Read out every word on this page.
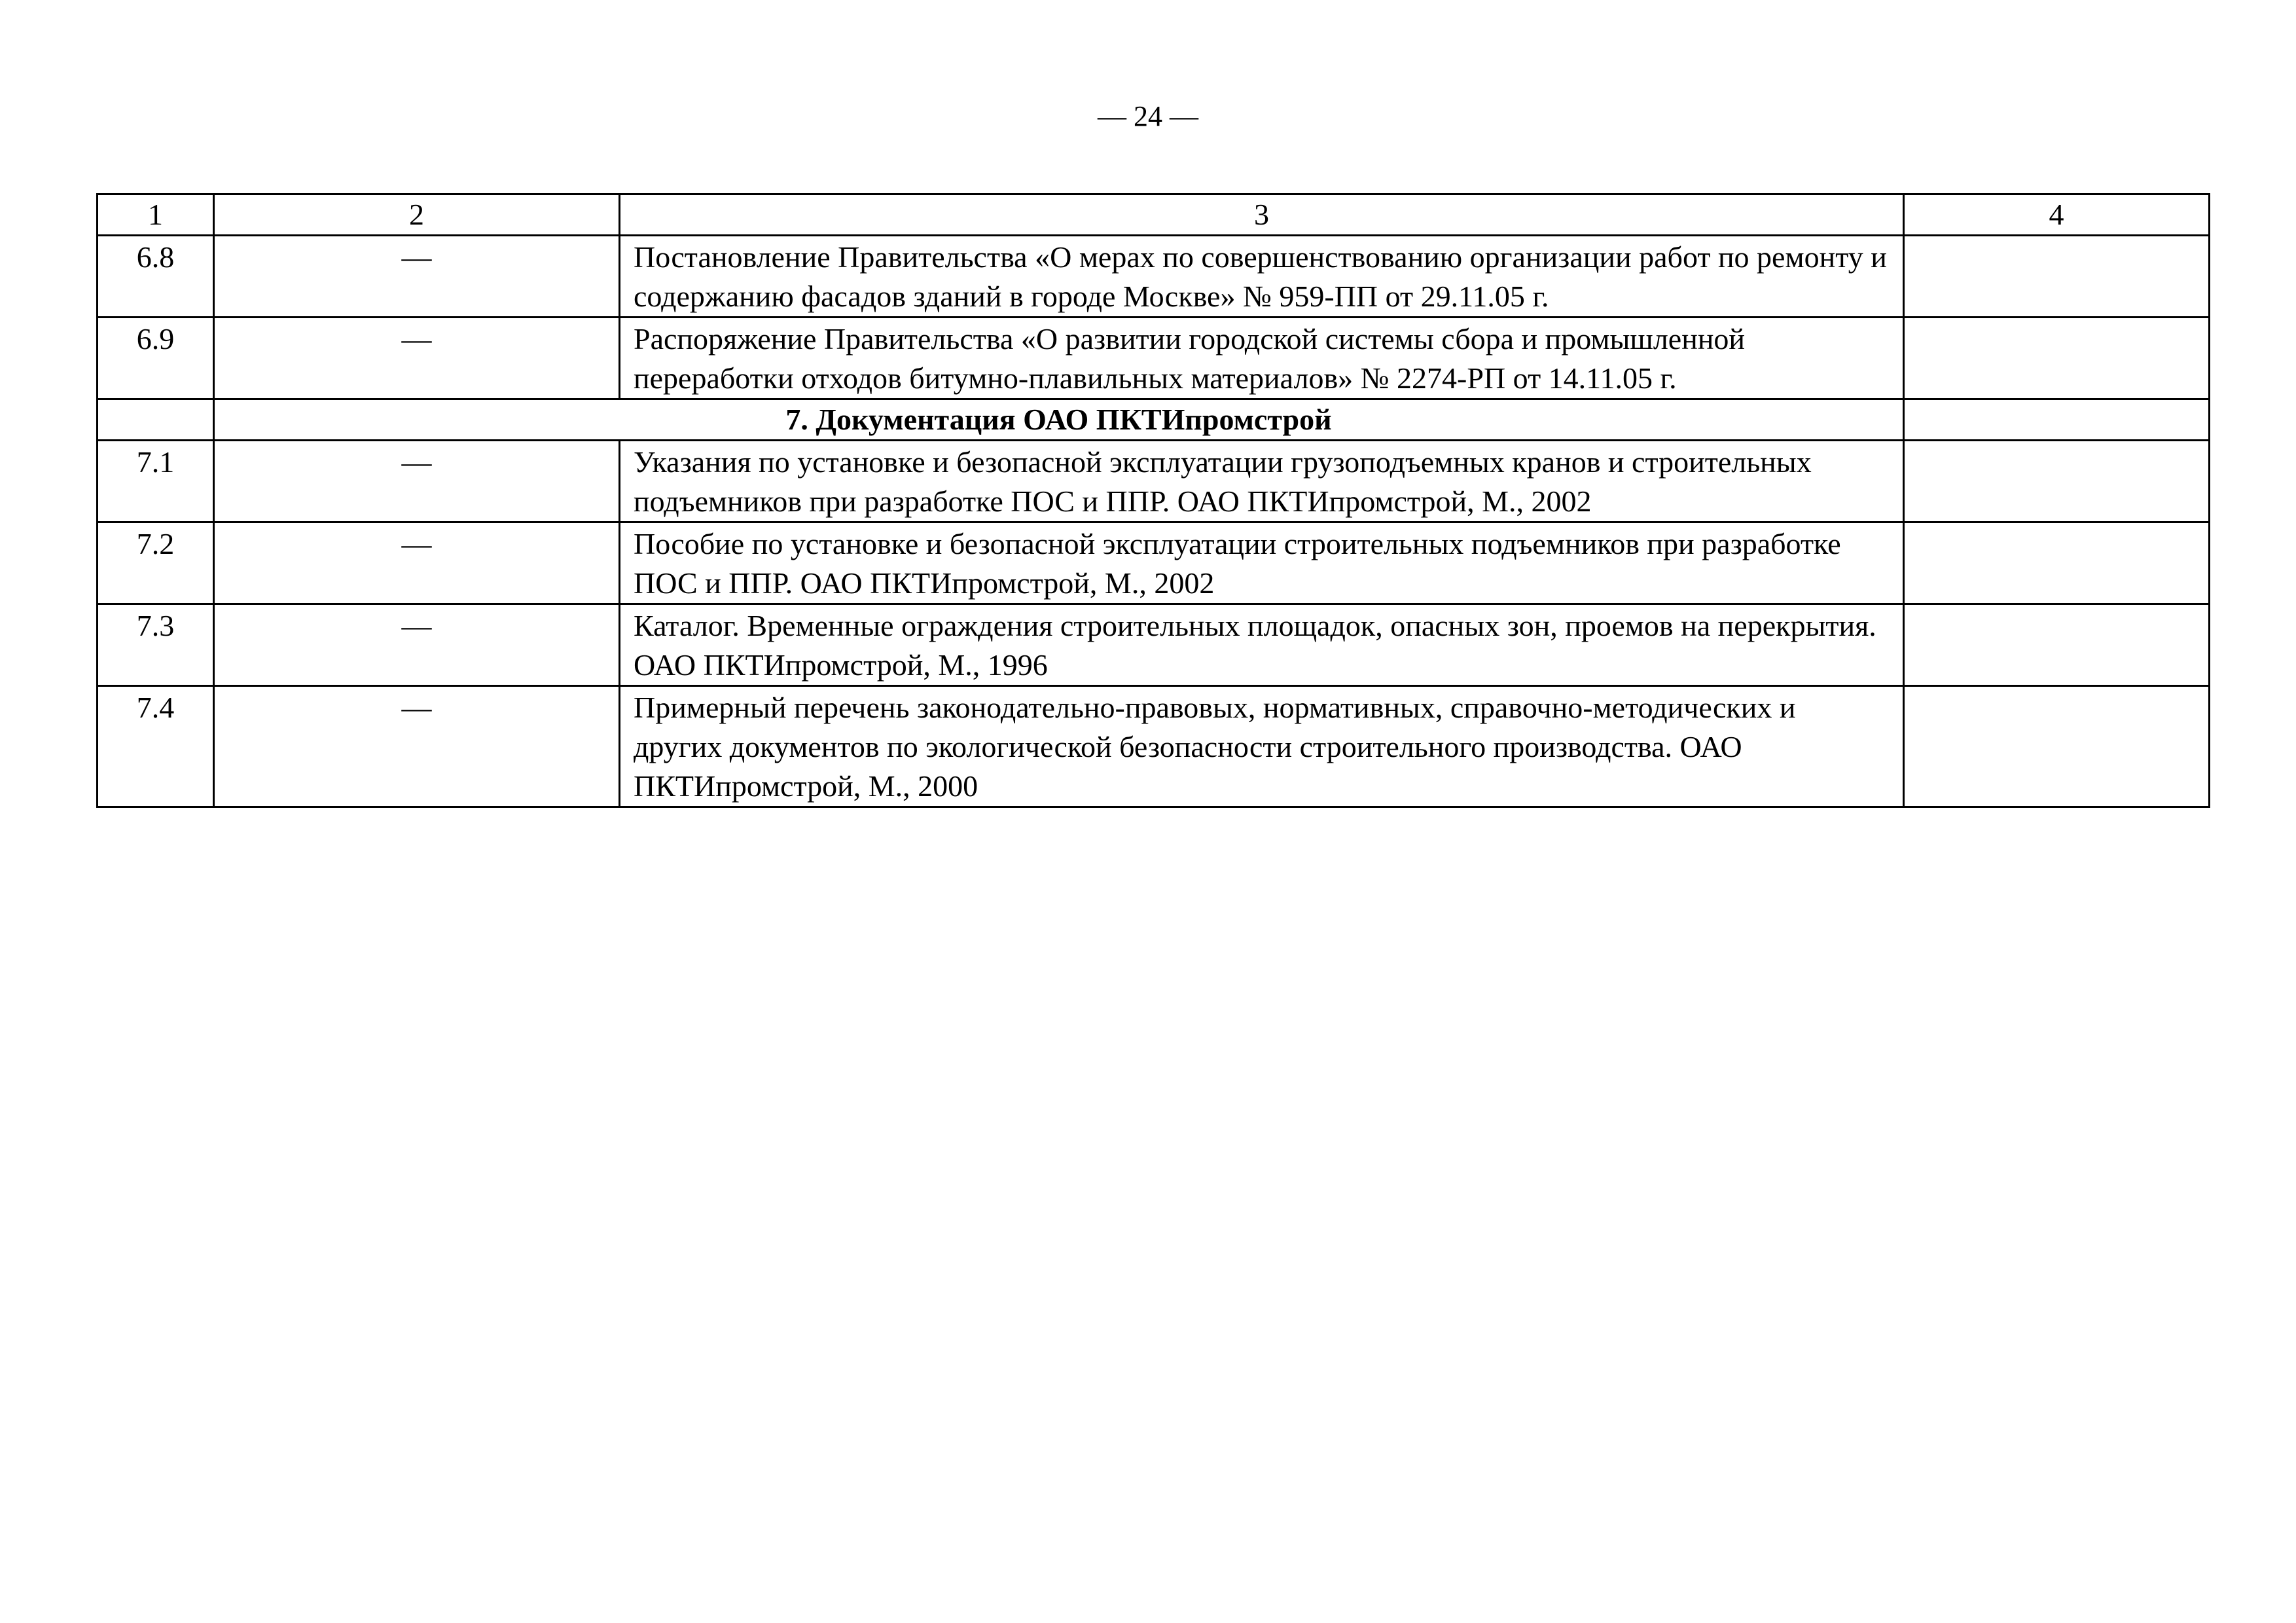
— 24 —
1	2	3	4
6.8	—	Постановление Правительства «О мерах по совершенствованию организации работ по ремонту и содержанию фасадов зданий в городе Москве» № 959-ПП от 29.11.05 г.	
6.9	—	Распоряжение Правительства «О развитии городской системы сбора и промышленной переработки отходов битумно-плавильных материалов» № 2274-РП от 14.11.05 г.	
	7. Документация ОАО ПКТИпромстрой		
7.1	—	Указания по установке и безопасной эксплуатации грузоподъемных кранов и строительных подъемников при разработке ПОС и ППР. ОАО ПКТИпромстрой, М., 2002	
7.2	—	Пособие по установке и безопасной эксплуатации строительных подъемников при разработке ПОС и ППР. ОАО ПКТИпромстрой, М., 2002	
7.3	—	Каталог. Временные ограждения строительных площадок, опасных зон, проемов на перекрытия. ОАО ПКТИпромстрой, М., 1996	
7.4	—	Примерный перечень законодательно-правовых, нормативных, справочно-методических и других документов по экологической безопасности строительного производства. ОАО ПКТИпромстрой, М., 2000	
